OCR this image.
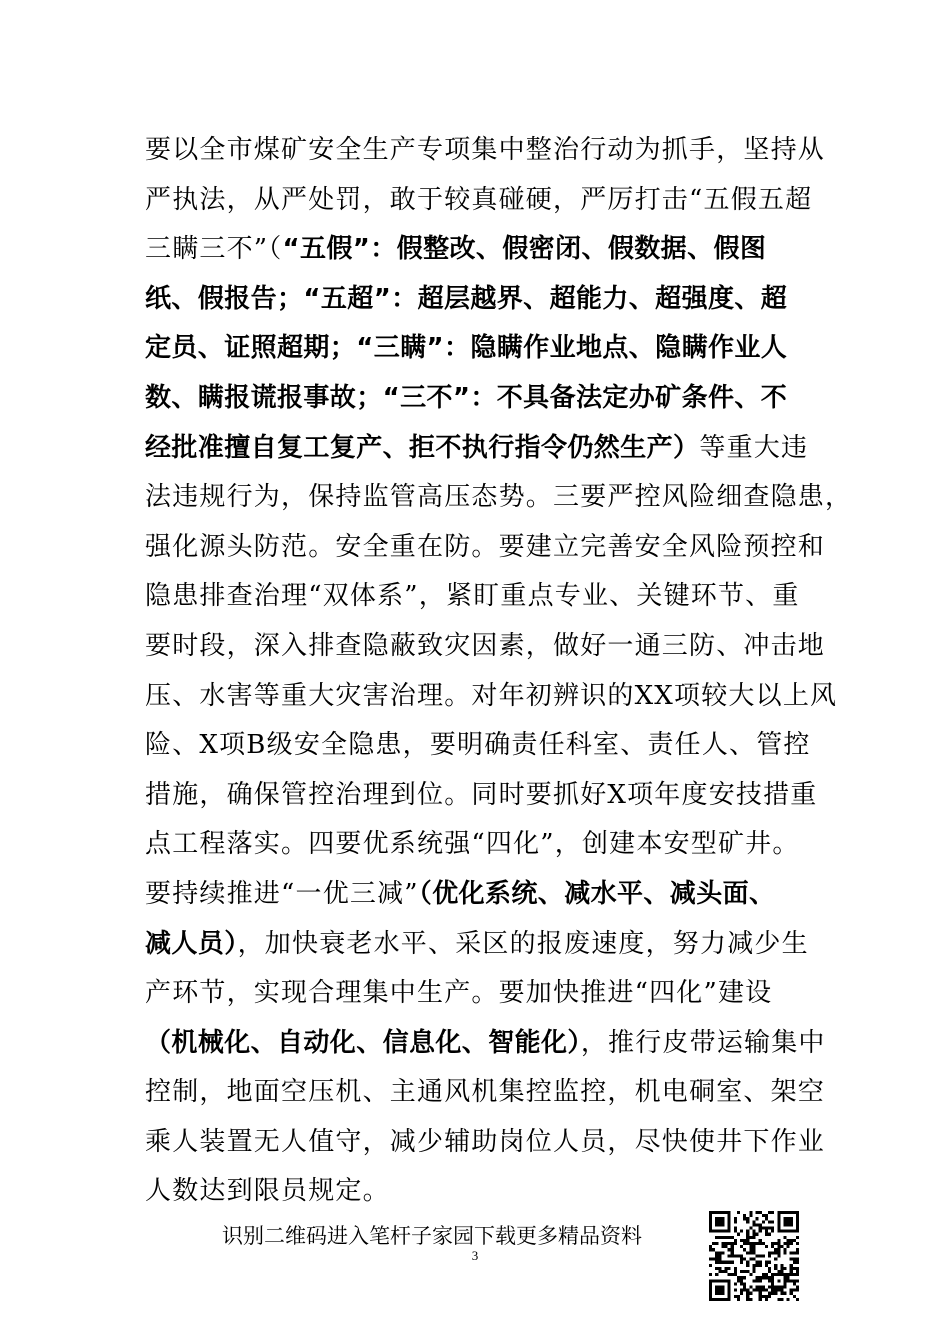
要以全市煤矿安全生产专项集中整治行动为抓手，坚持从
严执法，从严处罚，敢于较真碰硬，严厉打击“五假五超
三瞒三不”（“五假”：假整改、假密闭、假数据、假图
纸、假报告；“五超”：超层越界、超能力、超强度、超
定员、证照超期；“三瞒”：隐瞒作业地点、隐瞒作业人
数、瞒报谎报事故；“三不”：不具备法定办矿条件、不
经批准擅自复工复产、拒不执行指令仍然生产）等重大违
法违规行为，保持监管高压态势。三要严控风险细查隐患，
强化源头防范。安全重在防。要建立完善安全风险预控和
隐患排查治理“双体系”，紧盯重点专业、关键环节、重
要时段，深入排查隐蔽致灾因素，做好一通三防、冲击地
压、水害等重大灾害治理。对年初辨识的XX项较大以上风
险、X项B级安全隐患，要明确责任科室、责任人、管控
措施，确保管控治理到位。同时要抓好X项年度安技措重
点工程落实。四要优系统强“四化”，创建本安型矿井。
要持续推进“一优三减”（优化系统、减水平、减头面、
减人员），加快衰老水平、采区的报废速度，努力减少生
产环节，实现合理集中生产。要加快推进“四化”建设
（机械化、自动化、信息化、智能化），推行皮带运输集中
控制，地面空压机、主通风机集控监控，机电硐室、架空
乘人装置无人值守，减少辅助岗位人员，尽快使井下作业
人数达到限员规定。
识别二维码进入笔杆子家园下载更多精品资料
3
